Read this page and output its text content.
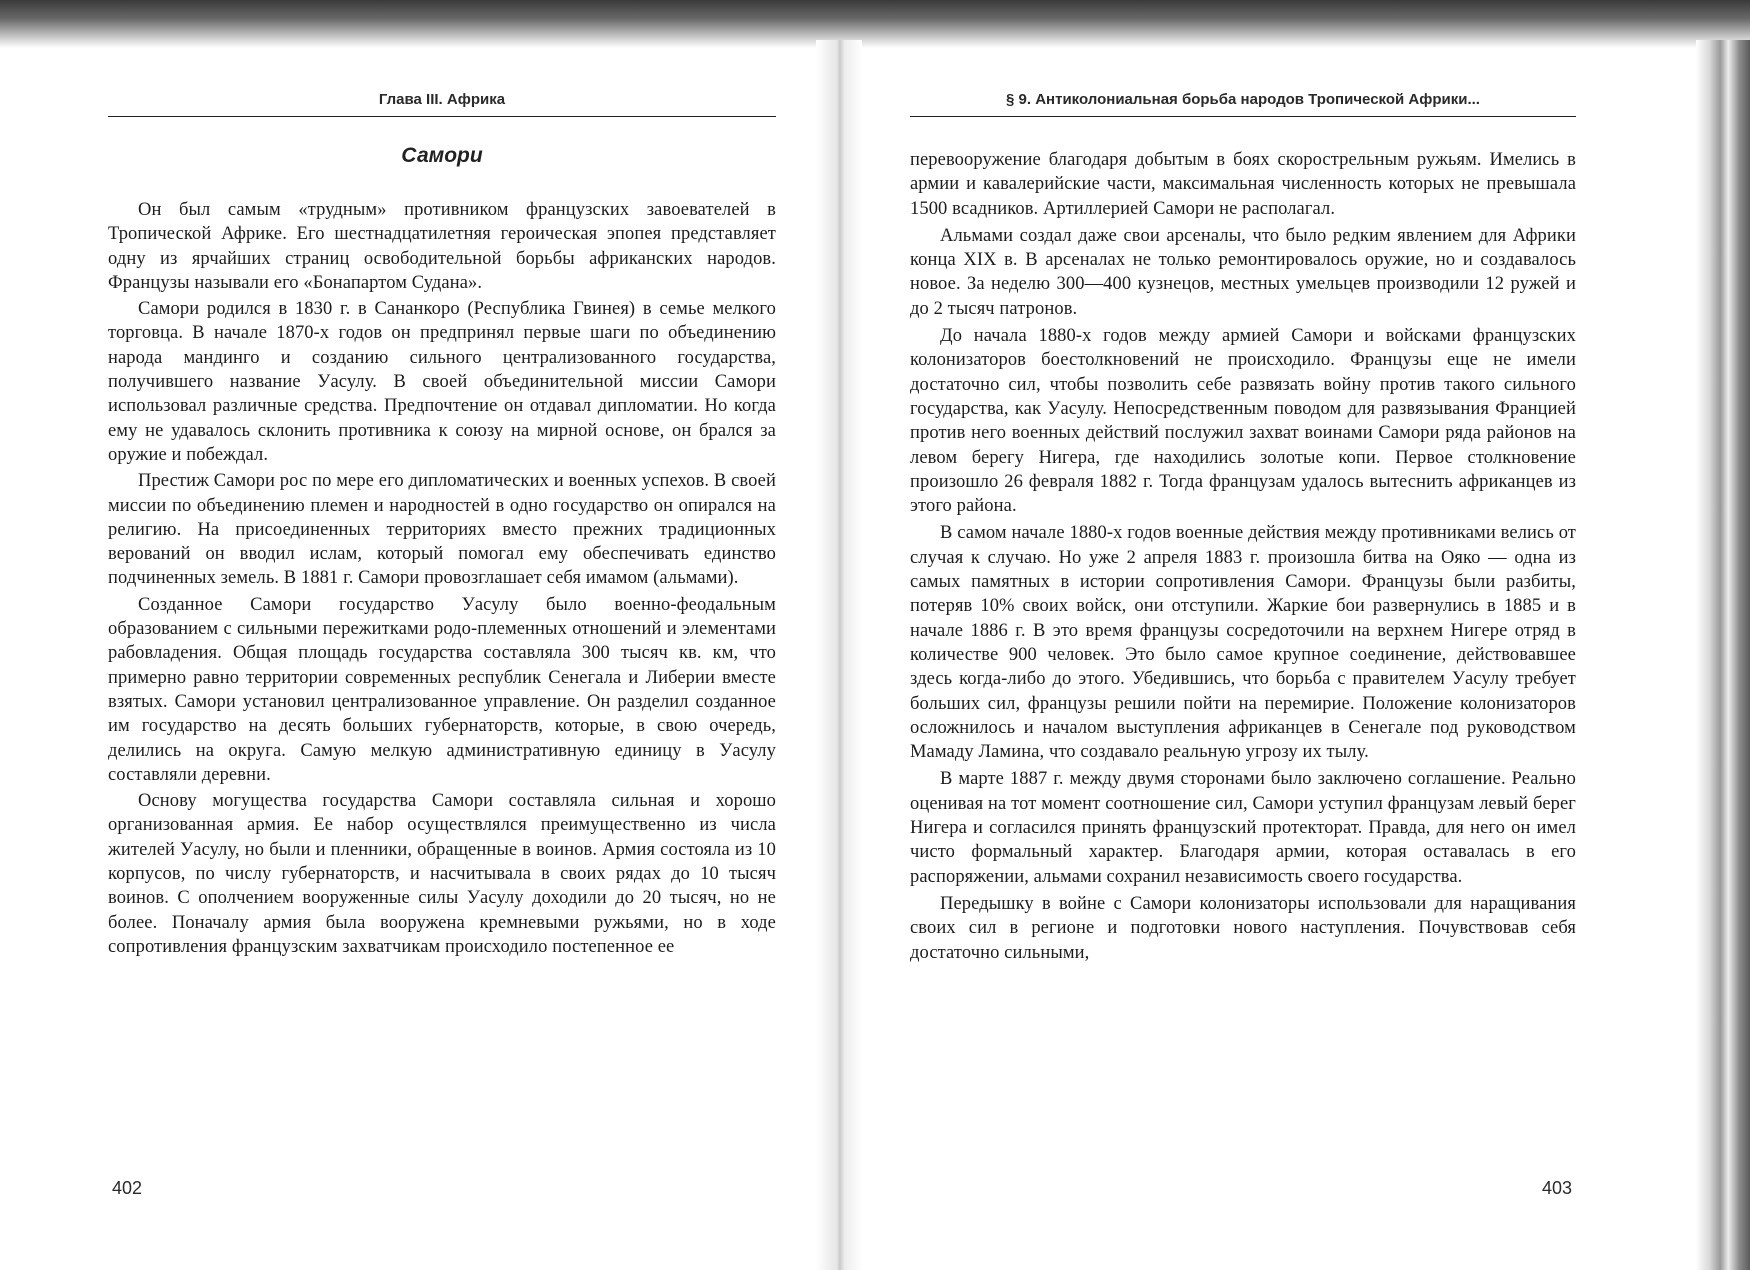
Глава III. Африка
Самори

Он был самым «трудным» противником французских завоевателей в Тропической Африке. Его шестнадцатилетняя героическая эпопея представляет одну из ярчайших страниц освободительной борьбы африканских народов. Французы называли его «Бонапартом Судана».

Самори родился в 1830 г. в Сананкоро (Республика Гвинея) в семье мелкого торговца. В начале 1870-х годов он предпринял первые шаги по объединению народа мандинго и созданию сильного централизованного государства, получившего название Уасулу. В своей объединительной миссии Самори использовал различные средства. Предпочтение он отдавал дипломатии. Но когда ему не удавалось склонить противника к союзу на мирной основе, он брался за оружие и побеждал.

Престиж Самори рос по мере его дипломатических и военных успехов. В своей миссии по объединению племен и народностей в одно государство он опирался на религию. На присоединенных территориях вместо прежних традиционных верований он вводил ислам, который помогал ему обеспечивать единство подчиненных земель. В 1881 г. Самори провозглашает себя имамом (альмами).

Созданное Самори государство Уасулу было военно-феодальным образованием с сильными пережитками родо-племенных отношений и элементами рабовладения. Общая площадь государства составляла 300 тысяч кв. км, что примерно равно территории современных республик Сенегала и Либерии вместе взятых. Самори установил централизованное управление. Он разделил созданное им государство на десять больших губернаторств, которые, в свою очередь, делились на округа. Самую мелкую административную единицу в Уасулу составляли деревни.

Основу могущества государства Самори составляла сильная и хорошо организованная армия. Ее набор осуществлялся преимущественно из числа жителей Уасулу, но были и пленники, обращенные в воинов. Армия состояла из 10 корпусов, по числу губернаторств, и насчитывала в своих рядах до 10 тысяч воинов. С ополчением вооруженные силы Уасулу доходили до 20 тысяч, но не более. Поначалу армия была вооружена кремневыми ружьями, но в ходе сопротивления французским захватчикам происходило постепенное ее

402
§ 9. Антиколониальная борьба народов Тропической Африки...

перевооружение благодаря добытым в боях скорострельным ружьям. Имелись в армии и кавалерийские части, максимальная численность которых не превышала 1500 всадников. Артиллерией Самори не располагал.

Альмами создал даже свои арсеналы, что было редким явлением для Африки конца XIX в. В арсеналах не только ремонтировалось оружие, но и создавалось новое. За неделю 300—400 кузнецов, местных умельцев производили 12 ружей и до 2 тысяч патронов.

До начала 1880-х годов между армией Самори и войсками французских колонизаторов боестолкновений не происходило. Французы еще не имели достаточно сил, чтобы позволить себе развязать войну против такого сильного государства, как Уасулу. Непосредственным поводом для развязывания Францией против него военных действий послужил захват воинами Самори ряда районов на левом берегу Нигера, где находились золотые копи. Первое столкновение произошло 26 февраля 1882 г. Тогда французам удалось вытеснить африканцев из этого района.

В самом начале 1880-х годов военные действия между противниками велись от случая к случаю. Но уже 2 апреля 1883 г. произошла битва на Ояко — одна из самых памятных в истории сопротивления Самори. Французы были разбиты, потеряв 10% своих войск, они отступили. Жаркие бои развернулись в 1885 и в начале 1886 г. В это время французы сосредоточили на верхнем Нигере отряд в количестве 900 человек. Это было самое крупное соединение, действовавшее здесь когда-либо до этого. Убедившись, что борьба с правителем Уасулу требует больших сил, французы решили пойти на перемирие. Положение колонизаторов осложнилось и началом выступления африканцев в Сенегале под руководством Мамаду Ламина, что создавало реальную угрозу их тылу.

В марте 1887 г. между двумя сторонами было заключено соглашение. Реально оценивая на тот момент соотношение сил, Самори уступил французам левый берег Нигера и согласился принять французский протекторат. Правда, для него он имел чисто формальный характер. Благодаря армии, которая оставалась в его распоряжении, альмами сохранил независимость своего государства.

Передышку в войне с Самори колонизаторы использовали для наращивания своих сил в регионе и подготовки нового наступления. Почувствовав себя достаточно сильными,

403
